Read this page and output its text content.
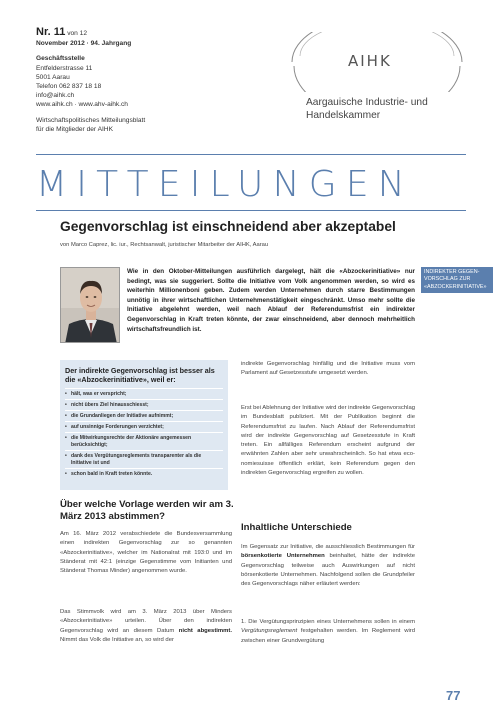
Nr. 11 von 12
November 2012 · 94. Jahrgang
Geschäftsstelle
Entfelderstrasse 11
5001 Aarau
Telefon 062 837 18 18
info@aihk.ch
www.aihk.ch · www.ahv-aihk.ch
Wirtschaftspolitisches Mitteilungsblatt
für die Mitglieder der AIHK
AIHK
Aargauische Industrie- und
Handelskammer
MITTEILUNGEN
Gegenvorschlag ist einschneidend aber akzeptabel
von Marco Caprez, lic. iur., Rechtsanwalt, juristischer Mitarbeiter der AIHK, Aarau
Wie in den Oktober-Mitteilungen ausführlich dargelegt, hält die «Abzockerinitiative» nur bedingt, was sie suggeriert. Sollte die Initiative vom Volk angenommen werden, so wird es weiterhin Millionenboni geben. Zudem werden Unternehmen durch starre Bestimmungen unnötig in ihrer wirtschaftlichen Unternehmenstätigkeit eingeschränkt. Umso mehr sollte die Initiative abgelehnt werden, weil nach Ablauf der Referendumsfrist ein indirekter Gegenvorschlag in Kraft treten könnte, der zwar einschneidend, aber dennoch mehrheitlich wirtschaftsfreundlich ist.
INDIREKTER GEGENVORSCHLAG ZUR «ABZOCKERINITIATIVE»
Der indirekte Gegenvorschlag ist besser als die «Abzockerinitiative», weil er:
• hält, was er verspricht;
• nicht übers Ziel hinausschiesst;
• die Grundanliegen der Initiative aufnimmt;
• auf unsinnige Forderungen verzichtet;
• die Mitwirkungsrechte der Aktionäre angemessen berücksichtigt;
• dank des Vergütungsreglements transparenter als die Initiative ist und
• schon bald in Kraft treten könnte.
Über welche Vorlage werden wir am 3. März 2013 abstimmen?
Am 16. März 2012 verabschiedete die Bundesversammlung einen indirekten Gegenvorschlag zur so genannten «Abzockerinitiative», welcher im Nationalrat mit 193:0 und im Ständerat mit 42:1 (einzige Gegenstimme vom Initianten und Ständerat Thomas Minder) angenommen wurde.
Das Stimmvolk wird am 3. März 2013 über Minders «Abzockerinitiative» urteilen. Über den indirekten Gegenvorschlag wird an diesem Datum nicht abgestimmt. Nimmt das Volk die Initiative an, so wird der
indirekte Gegenvorschlag hinfällig und die Initiative muss vom Parlament auf Gesetzesstufe umgesetzt werden.
Erst bei Ablehnung der Initiative wird der indirekte Gegenvorschlag im Bundesblatt publiziert. Mit der Publikation beginnt die Referendumsfrist zu laufen. Nach Ablauf der Referendumsfrist wird der indirekte Gegenvorschlag auf Gesetzesstufe in Kraft treten. Ein allfälliges Referendum erscheint aufgrund der erwähnten Zahlen aber sehr unwahrscheinlich. So hat etwa economiesuisse öffentlich erklärt, kein Referendum gegen den indirekten Gegenvorschlag ergreifen zu wollen.
Inhaltliche Unterschiede
Im Gegensatz zur Initiative, die ausschliesslich Bestimmungen für börsenkotierte Unternehmen beinhaltet, hätte der indirekte Gegenvorschlag teilweise auch Auswirkungen auf nicht börsenkotierte Unternehmen. Nachfolgend sollen die Grundpfeiler des Gegenvorschlags näher erläutert werden:
1. Die Vergütungsprinzipien eines Unternehmens sollen in einem Vergütungsreglement festgehalten werden. Im Reglement wird zwischen einer Grundvergütung
77
